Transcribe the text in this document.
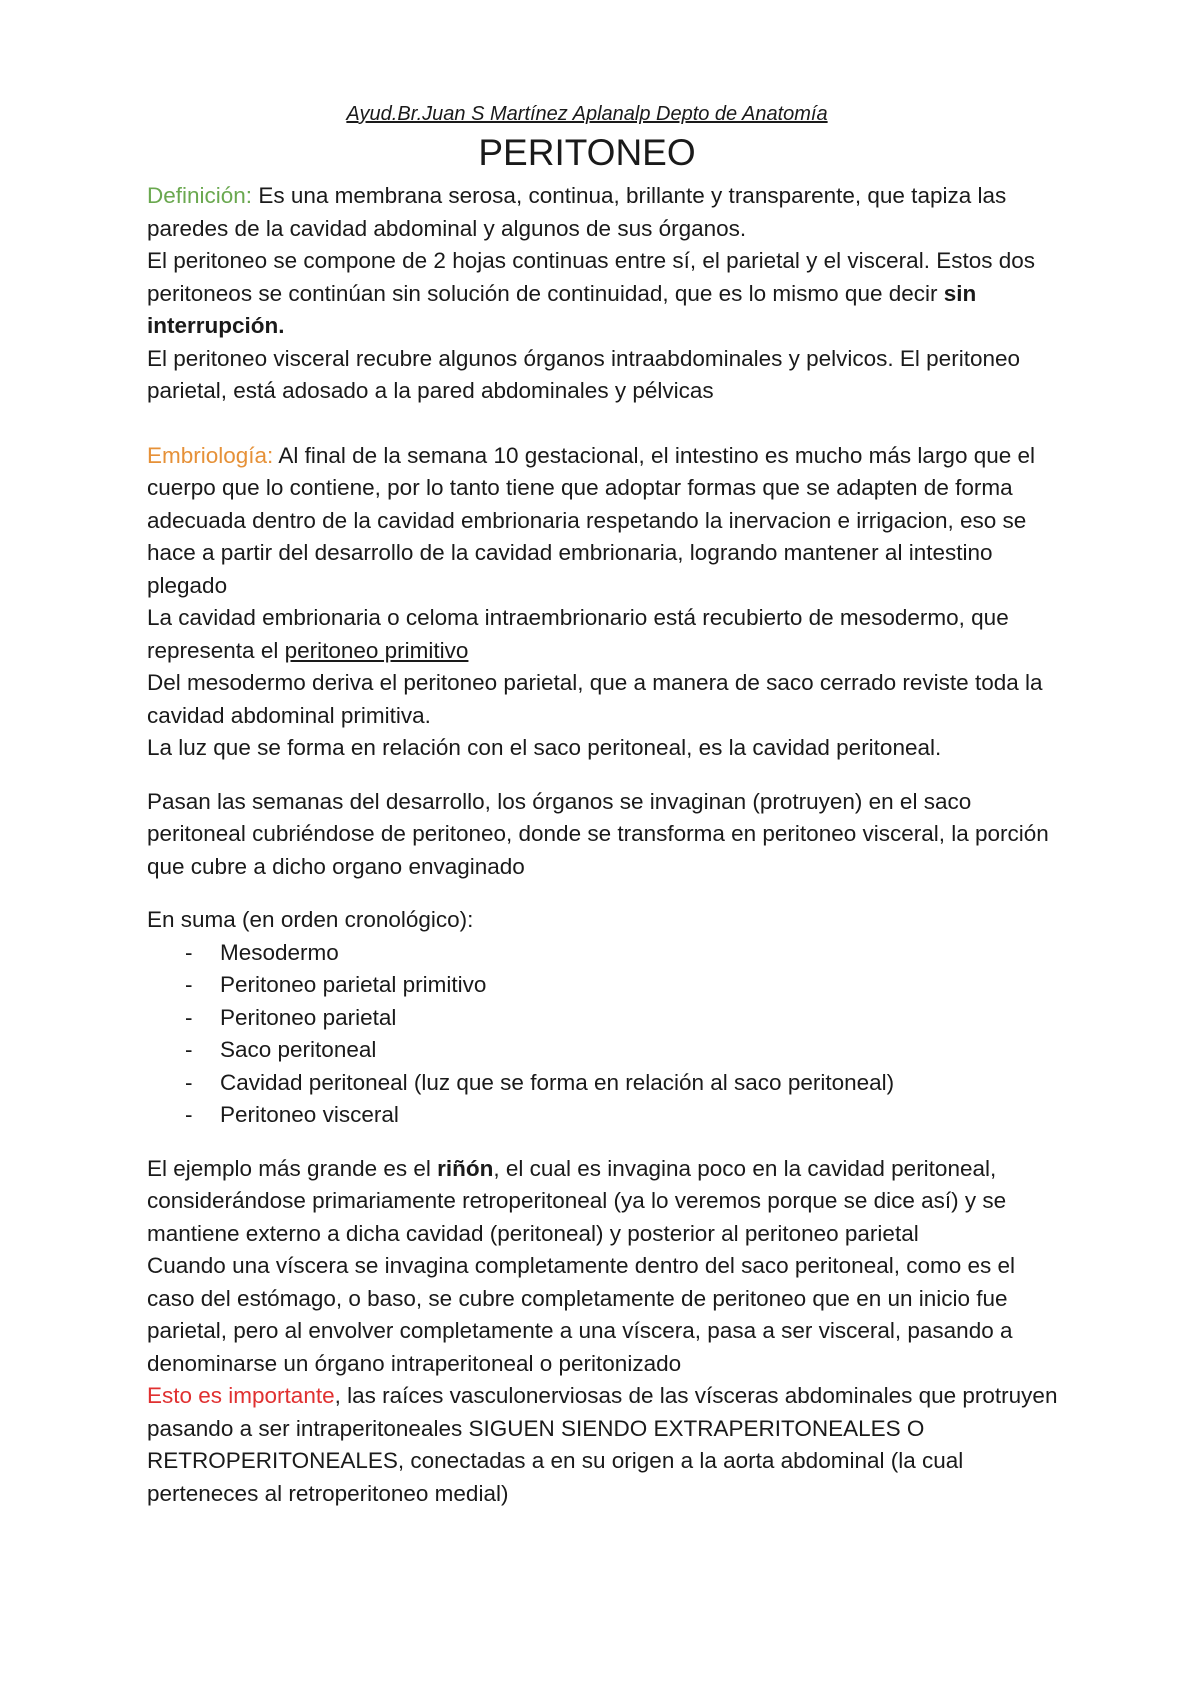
Ayud.Br.Juan S Martínez Aplanalp Depto de Anatomía
PERITONEO

Definición: Es una membrana serosa, continua, brillante y transparente, que tapiza las paredes de la cavidad abdominal y algunos de sus órganos.

El peritoneo se compone de 2 hojas continuas entre sí, el parietal y el visceral. Estos dos peritoneos se continúan sin solución de continuidad, que es lo mismo que decir sin interrupción.

El peritoneo visceral recubre algunos órganos intraabdominales y pelvicos. El peritoneo parietal, está adosado a la pared abdominales y pélvicas

Embriología: Al final de la semana 10 gestacional, el intestino es mucho más largo que el cuerpo que lo contiene, por lo tanto tiene que adoptar formas que se adapten de forma adecuada dentro de la cavidad embrionaria respetando la inervacion e irrigacion, eso se hace a partir del desarrollo de la cavidad embrionaria, logrando mantener al intestino plegado

La cavidad embrionaria o celoma intraembrionario está recubierto de mesodermo, que representa el peritoneo primitivo

Del mesodermo deriva el peritoneo parietal, que a manera de saco cerrado reviste toda la cavidad abdominal primitiva.

La luz que se forma en relación con el saco peritoneal, es la cavidad peritoneal.

Pasan las semanas del desarrollo, los órganos se invaginan (protruyen) en el saco peritoneal cubriéndose de peritoneo, donde se transforma en peritoneo visceral, la porción que cubre a dicho organo envaginado

En suma (en orden cronológico):

- Mesodermo
- Peritoneo parietal primitivo
- Peritoneo parietal
- Saco peritoneal
- Cavidad peritoneal (luz que se forma en relación al saco peritoneal)
- Peritoneo visceral

El ejemplo más grande es el riñón, el cual es invagina poco en la cavidad peritoneal, considerándose primariamente retroperitoneal (ya lo veremos porque se dice así) y se mantiene externo a dicha cavidad (peritoneal) y posterior al peritoneo parietal

Cuando una víscera se invagina completamente dentro del saco peritoneal, como es el caso del estómago, o baso, se cubre completamente de peritoneo que en un inicio fue parietal, pero al envolver completamente a una víscera, pasa a ser visceral, pasando a denominarse un órgano intraperitoneal o peritonizado

Esto es importante, las raíces vasculonerviosas de las vísceras abdominales que protruyen pasando a ser intraperitoneales SIGUEN SIENDO EXTRAPERITONEALES O RETROPERITONEALES, conectadas a en su origen a la aorta abdominal (la cual perteneces al retroperitoneo medial)
